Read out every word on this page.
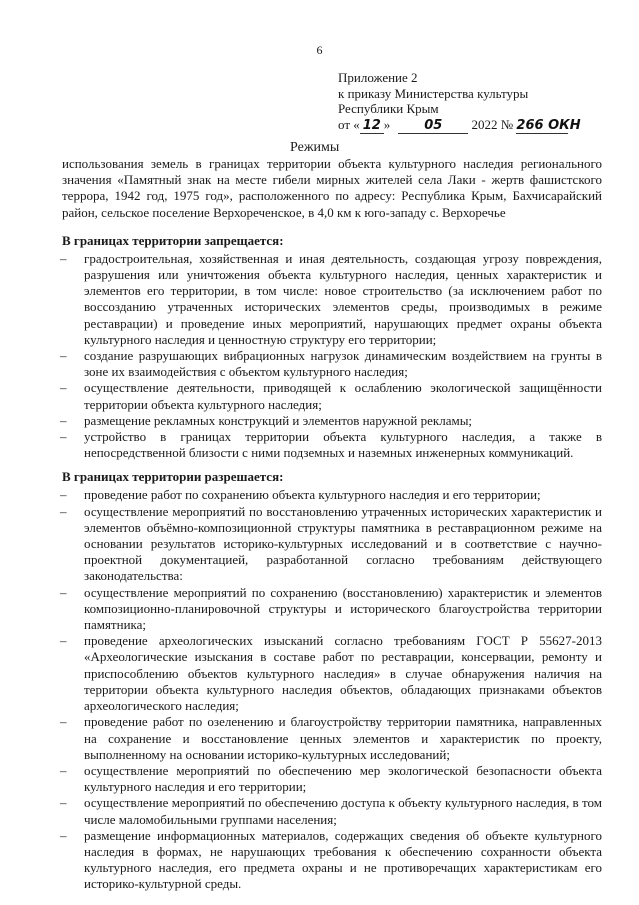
6
Приложение 2
к приказу Министерства культуры
Республики Крым
от « 12 »	05 2022 № 266 ОКН
Режимы

использования земель в границах территории объекта культурного наследия регионального значения «Памятный знак на месте гибели мирных жителей села Лаки - жертв фашистского террора, 1942 год, 1975 год», расположенного по адресу: Республика Крым, Бахчисарайский район, сельское поселение Верхореченское, в 4,0 км к юго-западу с. Верхоречье

В границах территории запрещается:
– градостроительная, хозяйственная и иная деятельность, создающая угрозу повреждения, разрушения или уничтожения объекта культурного наследия, ценных характеристик и элементов его территории, в том числе: новое строительство (за исключением работ по воссозданию утраченных исторических элементов среды, производимых в режиме реставрации) и проведение иных мероприятий, нарушающих предмет охраны объекта культурного наследия и ценностную структуру его территории;
– создание разрушающих вибрационных нагрузок динамическим воздействием на грунты в зоне их взаимодействия с объектом культурного наследия;
– осуществление деятельности, приводящей к ослаблению экологической защищённости территории объекта культурного наследия;
– размещение рекламных конструкций и элементов наружной рекламы;
– устройство в границах территории объекта культурного наследия, а также в непосредственной близости с ними подземных и наземных инженерных коммуникаций.
В границах территории разрешается:
– проведение работ по сохранению объекта культурного наследия и его территории;
– осуществление мероприятий по восстановлению утраченных исторических характеристик и элементов объёмно-композиционной структуры памятника в реставрационном режиме на основании результатов историко-культурных исследований и в соответствие с научно-проектной документацией, разработанной согласно требованиям действующего законодательства:
– осуществление мероприятий по сохранению (восстановлению) характеристик и элементов композиционно-планировочной структуры и исторического благоустройства территории памятника;
– проведение археологических изысканий согласно требованиям ГОСТ Р 55627-2013 «Археологические изыскания в составе работ по реставрации, консервации, ремонту и приспособлению объектов культурного наследия» в случае обнаружения наличия на территории объекта культурного наследия объектов, обладающих признаками объектов археологического наследия;
– проведение работ по озеленению и благоустройству территории памятника, направленных на сохранение и восстановление ценных элементов и характеристик по проекту, выполненному на основании историко-культурных исследований;
– осуществление мероприятий по обеспечению мер экологической безопасности объекта культурного наследия и его территории;
– осуществление мероприятий по обеспечению доступа к объекту культурного наследия, в том числе маломобильными группами населения;
– размещение информационных материалов, содержащих сведения об объекте культурного наследия в формах, не нарушающих требования к обеспечению сохранности объекта культурного наследия, его предмета охраны и не противоречащих характеристикам его историко-культурной среды.
